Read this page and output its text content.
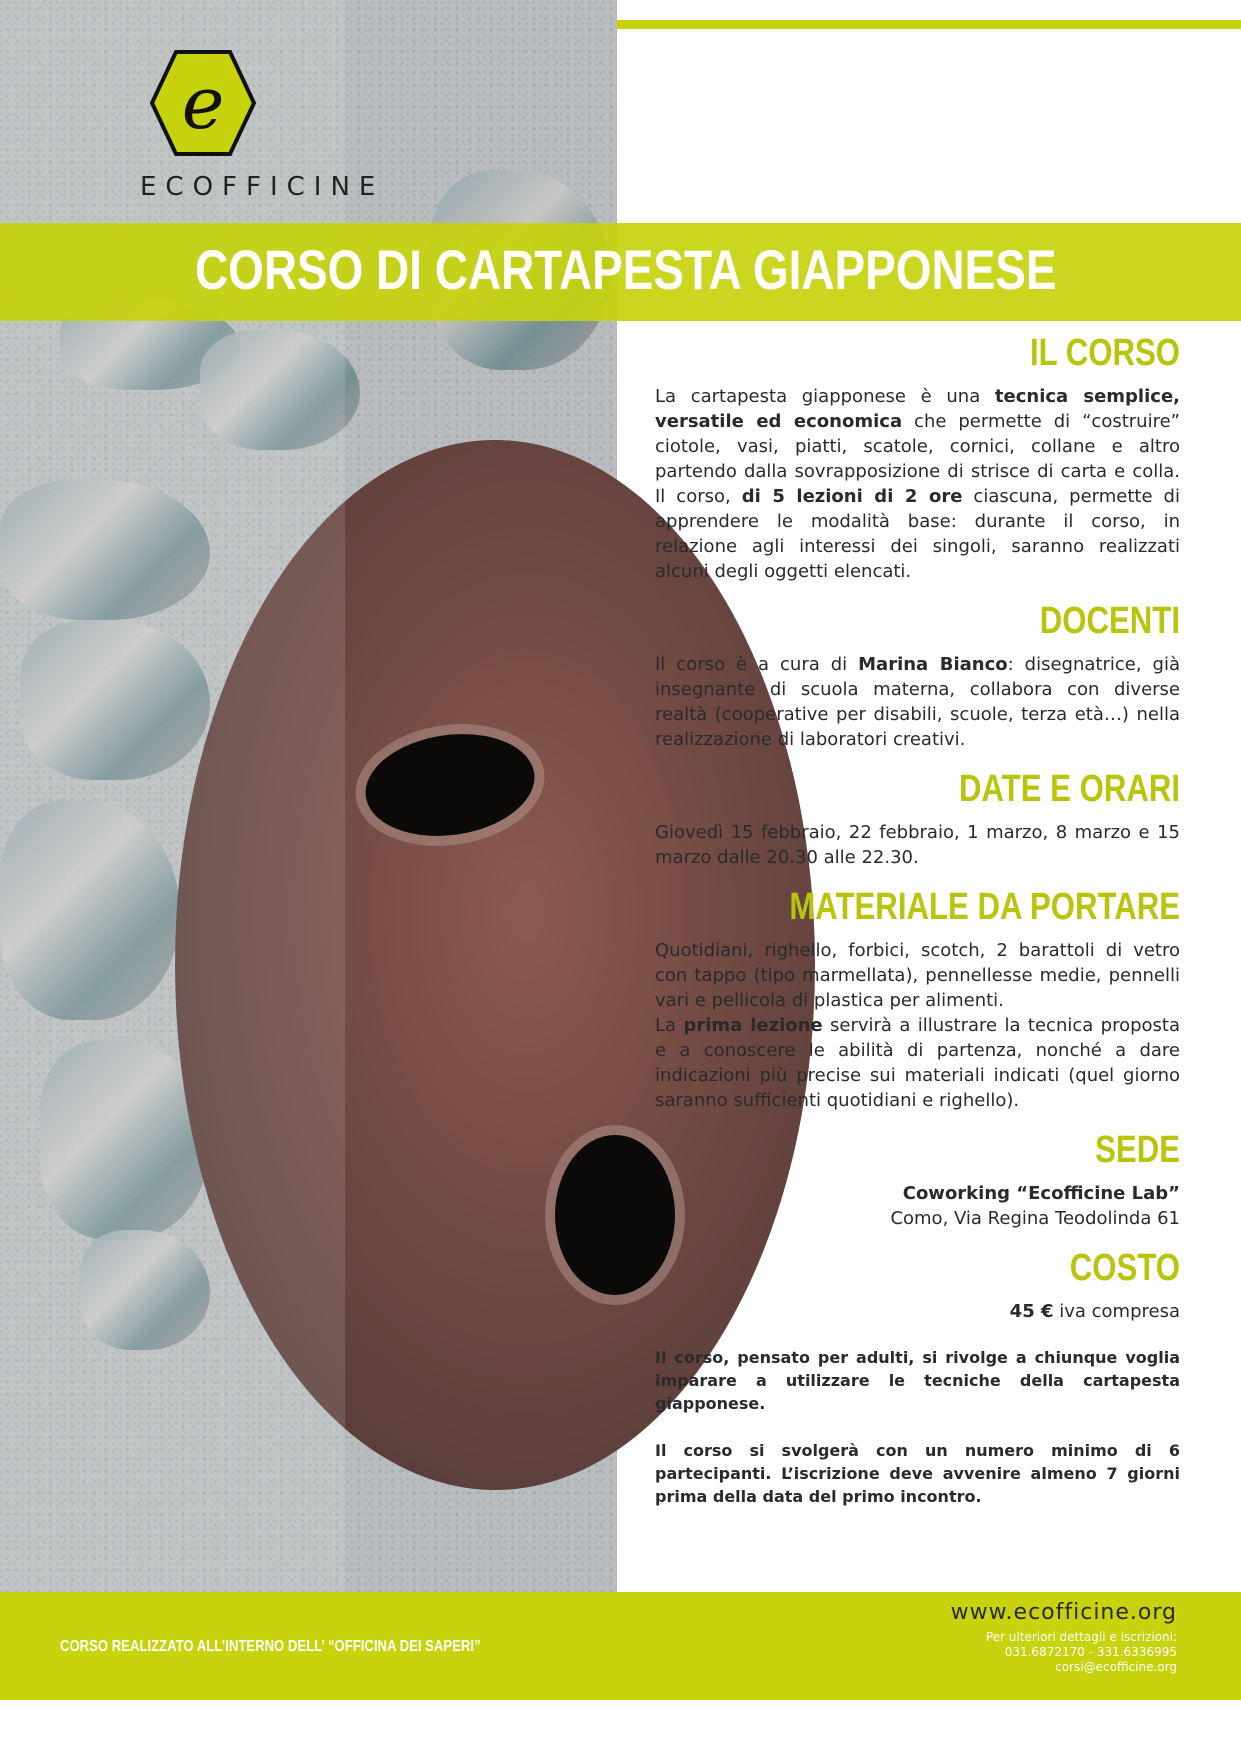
e
ECOFFICINE
CORSO DI CARTAPESTA GIAPPONESE
IL CORSO

La cartapesta giapponese è una tecnica semplice, versatile ed economica che permette di “costruire” ciotole, vasi, piatti, scatole, cornici, collane e altro partendo dalla sovrapposizione di strisce di carta e colla. Il corso, di 5 lezioni di 2 ore ciascuna, permette di apprendere le modalità base: durante il corso, in relazione agli interessi dei singoli, saranno realizzati alcuni degli oggetti elencati.

DOCENTI

Il corso è a cura di Marina Bianco: disegnatrice, già insegnante di scuola materna, collabora con diverse realtà (cooperative per disabili, scuole, terza età…) nella realizzazione di laboratori creativi.

DATE E ORARI

Giovedì 15 febbraio, 22 febbraio, 1 marzo, 8 marzo e 15 marzo dalle 20.30 alle 22.30.

MATERIALE DA PORTARE

Quotidiani, righello, forbici, scotch, 2 barattoli di vetro con tappo (tipo marmellata), pennellesse medie, pennelli vari e pellicola di plastica per alimenti.

La prima lezione servirà a illustrare la tecnica proposta e a conoscere le abilità di partenza, nonché a dare indicazioni più precise sui materiali indicati (quel giorno saranno sufficienti quotidiani e righello).

SEDE

Coworking “Ecofficine Lab”
Como, Via Regina Teodolinda 61

COSTO

45 € iva compresa

Il corso, pensato per adulti, si rivolge a chiunque voglia imparare a utilizzare le tecniche della cartapesta giapponese.

Il corso si svolgerà con un numero minimo di 6 partecipanti. L’iscrizione deve avvenire almeno 7 giorni prima della data del primo incontro.

CORSO REALIZZATO ALL’INTERNO DELL’ “OFFICINA DEI SAPERI”
www.ecofficine.org
Per ulteriori dettagli e iscrizioni:
031.6872170 - 331.6336995
corsi@ecofficine.org
